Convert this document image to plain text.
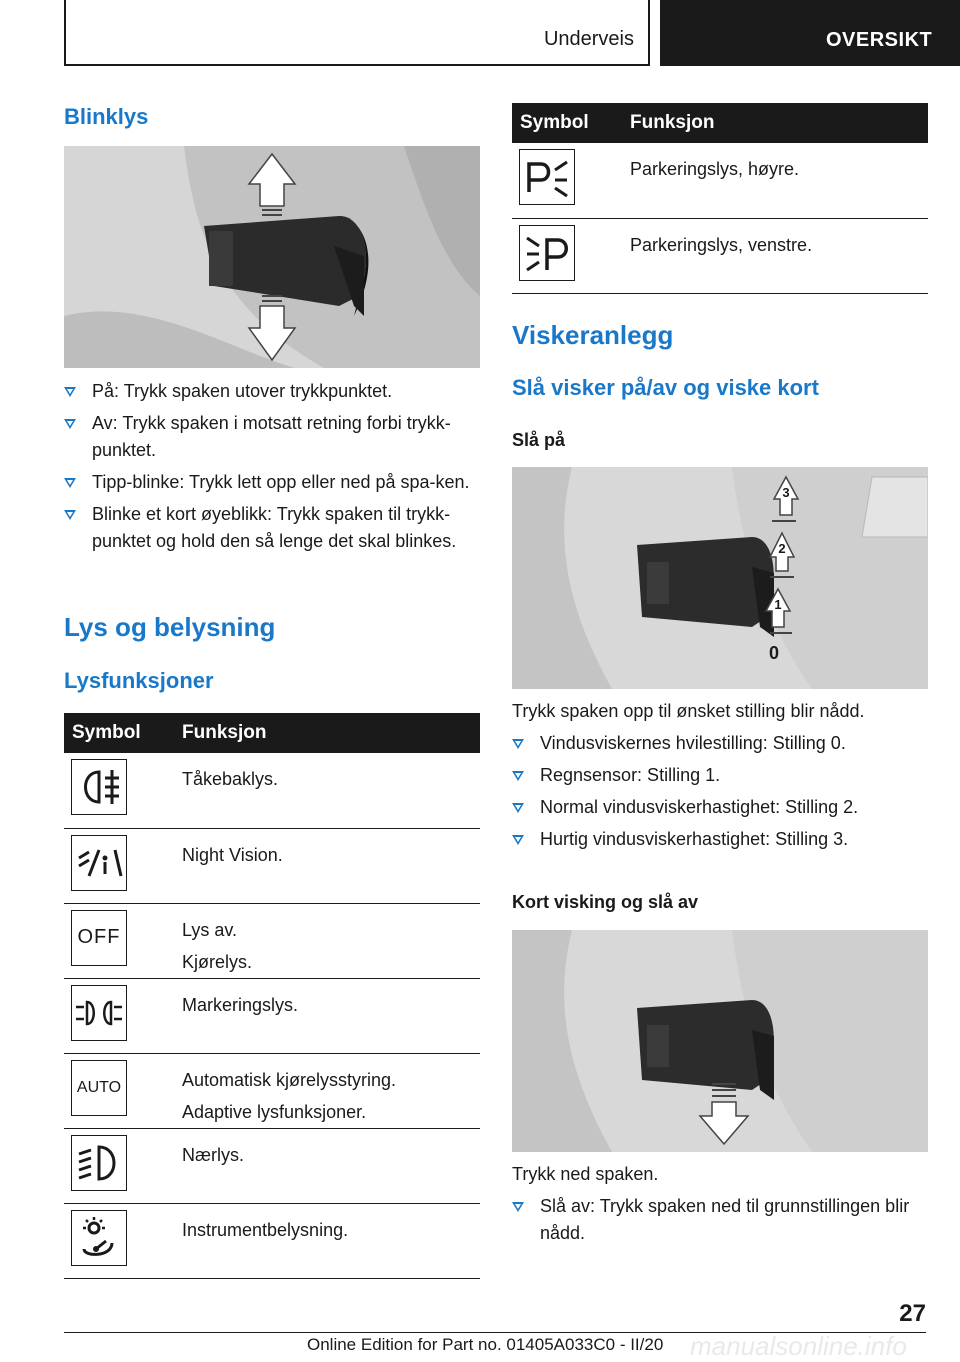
Underveis	OVERSIKT
Blinklys
På: Trykk spaken utover trykkpunktet.
Av: Trykk spaken i motsatt retning forbi trykk-punktet.
Tipp-blinke: Trykk lett opp eller ned på spa-ken.
Blinke et kort øyeblikk: Trykk spaken til trykk-punktet og hold den så lenge det skal blinkes.
Lys og belysning
Lysfunksjoner
Symbol	Funksjon

	Tåkebaklys.

	Night Vision.

OFF	Lys av.
Kjørelys.

	Markeringslys.

AUTO	Automatisk kjørelysstyring.
Adaptive lysfunksjoner.

	Nærlys.

	Instrumentbelysning.
Symbol	Funksjon

	Parkeringslys, høyre.

	Parkeringslys, venstre.
Viskeranlegg
Slå visker på/av og viske kort
Slå på
3
2
1
0
Trykk spaken opp til ønsket stilling blir nådd.
Vindusviskernes hvilestilling: Stilling 0.
Regnsensor: Stilling 1.
Normal vindusviskerhastighet: Stilling 2.
Hurtig vindusviskerhastighet: Stilling 3.
Kort visking og slå av
Trykk ned spaken.
Slå av: Trykk spaken ned til grunnstillingen blir nådd.
27
manualsonline.info
Online Edition for Part no. 01405A033C0 - II/20
